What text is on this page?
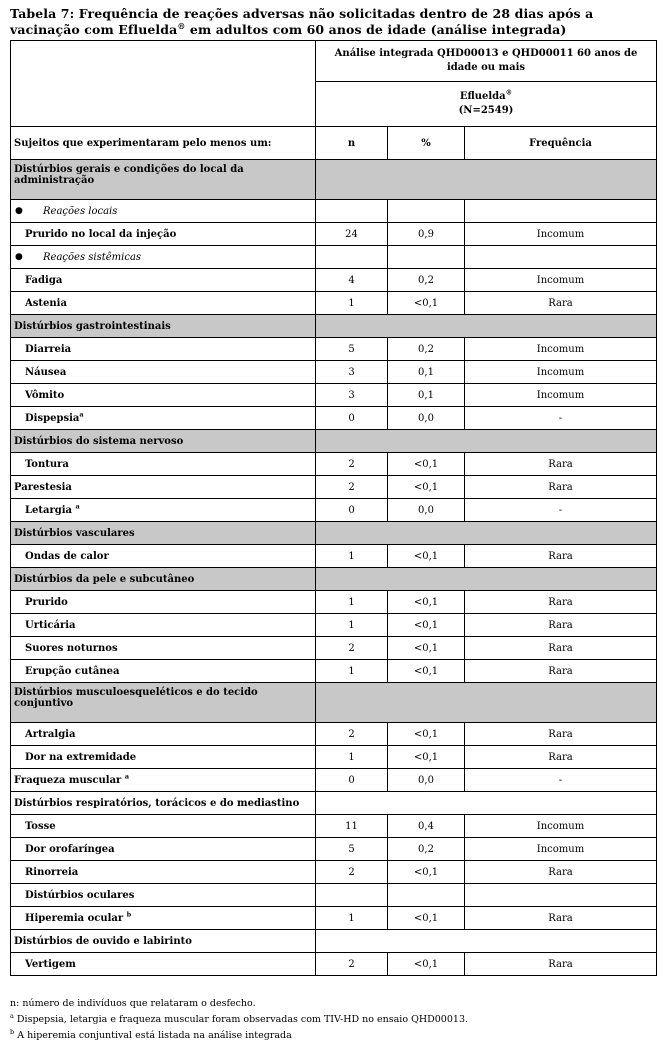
Tabela 7: Frequência de reações adversas não solicitadas dentro de 28 dias após a vacinação com Efluelda® em adultos com 60 anos de idade (análise integrada)
	Análise integrada QHD00013 e QHD00011 60 anos de idade ou mais		
	Efluelda®
(N=2549)		
Sujeitos que experimentaram pelo menos um:	n	%	Frequência
Distúrbios gerais e condições do local da administração			

● Reações locais			
Prurido no local da injeção	24	0,9	Incomum

● Reações sistêmicas			
Fadiga	4	0,2	Incomum
Astenia	1	<0,1	Rara
Distúrbios gastrointestinais			
Diarreia	5	0,2	Incomum
Náusea	3	0,1	Incomum
Vômito	3	0,1	Incomum
Dispepsia$^a$	0	0,0	-
Distúrbios do sistema nervoso			
Tontura	2	<0,1	Rara
Parestesia	2	<0,1	Rara
Letargia $^a$	0	0,0	-
Distúrbios vasculares			
Ondas de calor	1	<0,1	Rara
Distúrbios da pele e subcutâneo			
Prurido	1	<0,1	Rara
Urticária	1	<0,1	Rara
Suores noturnos	2	<0,1	Rara
Erupção cutânea	1	<0,1	Rara
Distúrbios musculoesqueléticos e do tecido conjuntivo			
Artralgia	2	<0,1	Rara
Dor na extremidade	1	<0,1	Rara
Fraqueza muscular $^a$	0	0,0	-
Distúrbios respiratórios, torácicos e do mediastino			
Tosse	11	0,4	Incomum
Dor orofaríngea	5	0,2	Incomum
Rinorreia	2	<0,1	Rara
Distúrbios oculares			
Hiperemia ocular $^b$	1	<0,1	Rara
Distúrbios de ouvido e labirinto			
Vertigem	2	<0,1	Rara
n: número de indivíduos que relataram o desfecho.
$^a$ Dispepsia, letargia e fraqueza muscular foram observadas com TIV-HD no ensaio QHD00013.
$^b$ A hiperemia conjuntival está listada na análise integrada
